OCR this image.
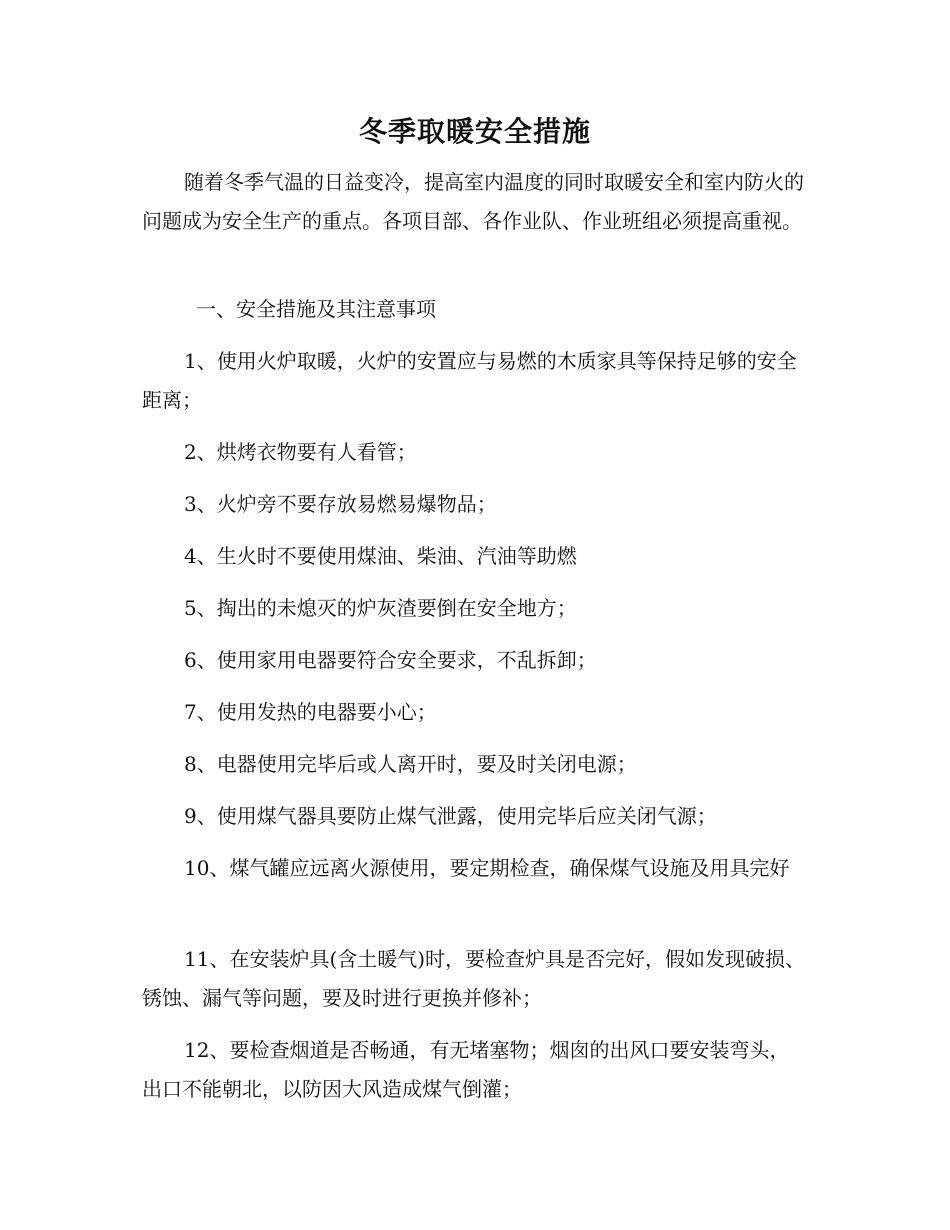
冬季取暖安全措施

随着冬季气温的日益变冷，提高室内温度的同时取暖安全和室内防火的问题成为安全生产的重点。各项目部、各作业队、作业班组必须提高重视。

一、安全措施及其注意事项

1、使用火炉取暖，火炉的安置应与易燃的木质家具等保持足够的安全距离；

2、烘烤衣物要有人看管；

3、火炉旁不要存放易燃易爆物品；

4、生火时不要使用煤油、柴油、汽油等助燃

5、掏出的未熄灭的炉灰渣要倒在安全地方；

6、使用家用电器要符合安全要求，不乱拆卸；

7、使用发热的电器要小心；

8、电器使用完毕后或人离开时，要及时关闭电源；

9、使用煤气器具要防止煤气泄露，使用完毕后应关闭气源；

10、煤气罐应远离火源使用，要定期检查，确保煤气设施及用具完好

11、在安装炉具(含土暖气)时，要检查炉具是否完好，假如发现破损、锈蚀、漏气等问题，要及时进行更换并修补；

12、要检查烟道是否畅通，有无堵塞物；烟囱的出风口要安装弯头，出口不能朝北，以防因大风造成煤气倒灌；
